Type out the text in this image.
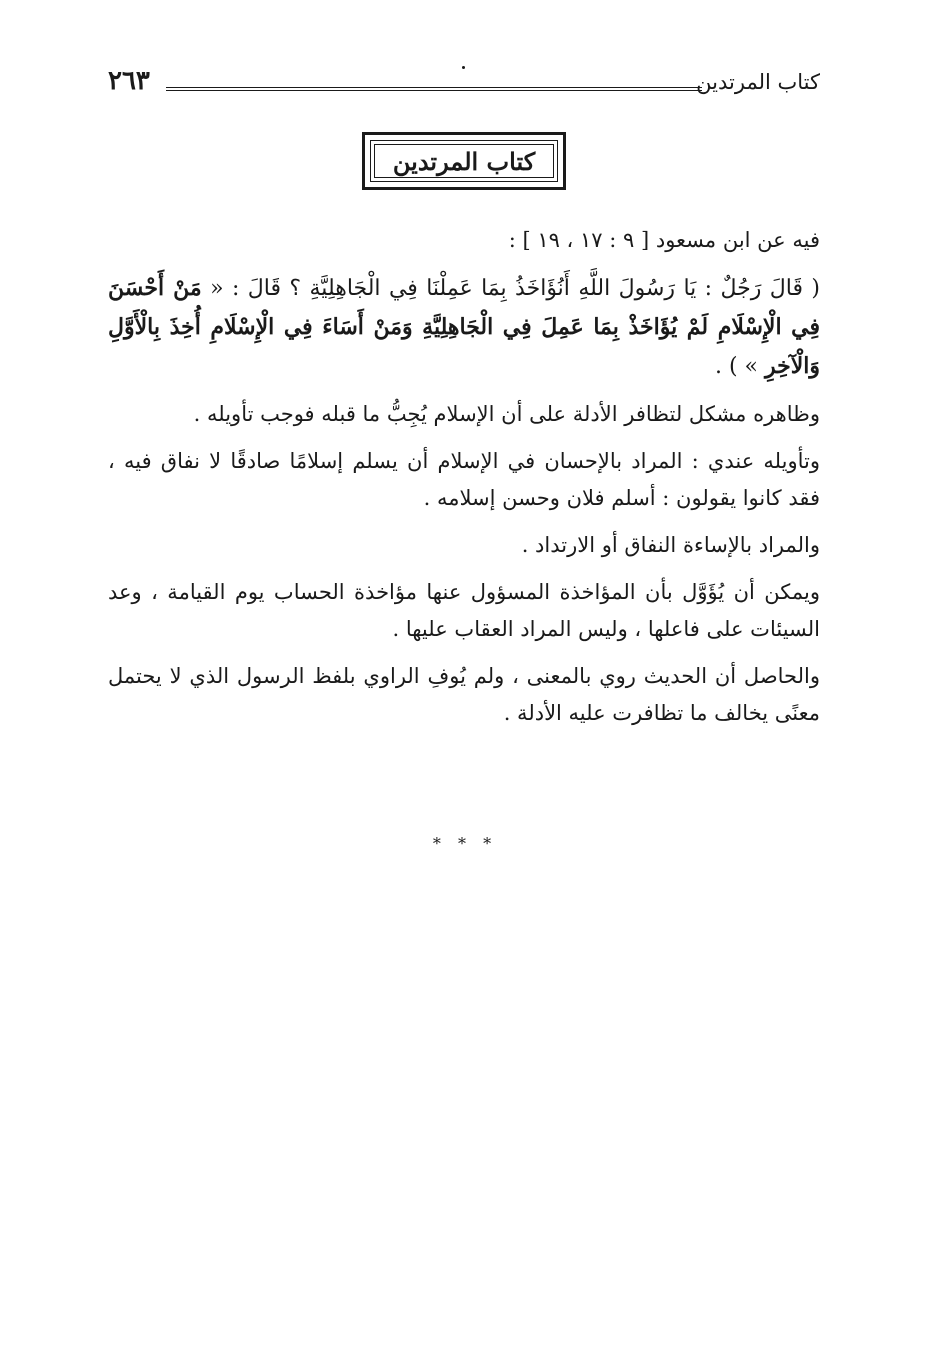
كتاب المرتدين
٢٦٣
كتاب المرتدين

فيه عن ابن مسعود [ ٩ : ١٧ ، ١٩ ] :

( قَالَ رَجُلٌ : يَا رَسُولَ اللَّهِ أَنُؤَاخَذُ بِمَا عَمِلْنَا فِي الْجَاهِلِيَّةِ ؟ قَالَ : « مَنْ أَحْسَنَ فِي الْإِسْلَامِ لَمْ يُؤَاخَذْ بِمَا عَمِلَ فِي الْجَاهِلِيَّةِ وَمَنْ أَسَاءَ فِي الْإِسْلَامِ أُخِذَ بِالْأَوَّلِ وَالْآخِرِ » ) .

وظاهره مشكل لتظافر الأدلة على أن الإسلام يُجِبُّ ما قبله فوجب تأويله .

وتأويله عندي : المراد بالإحسان في الإسلام أن يسلم إسلامًا صادقًا لا نفاق فيه ، فقد كانوا يقولون : أسلم فلان وحسن إسلامه .

والمراد بالإساءة النفاق أو الارتداد .

ويمكن أن يُؤَوَّل بأن المؤاخذة المسؤول عنها مؤاخذة الحساب يوم القيامة ، وعد السيئات على فاعلها ، وليس المراد العقاب عليها .

والحاصل أن الحديث روي بالمعنى ، ولم يُوفِ الراوي بلفظ الرسول الذي لا يحتمل معنًى يخالف ما تظافرت عليه الأدلة .

* * *
